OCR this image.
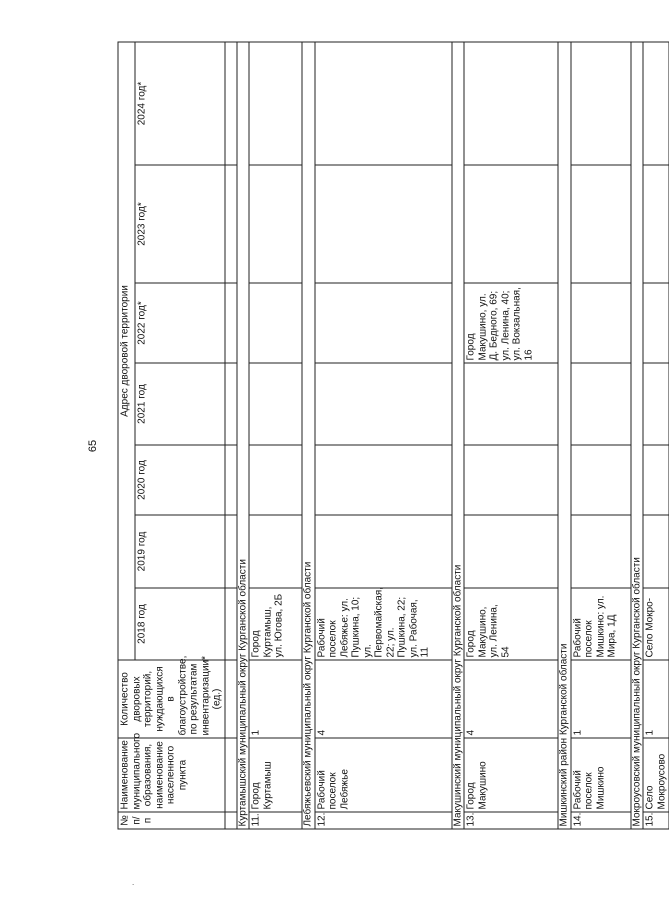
65
.
№ п/п	Наименование муниципального образования, наименование населенного пункта	Количество дворовых территорий, нуждающихся в благоустройстве, по результатам инвентаризации* (ед.)	Адрес дворовой территории						
			2018 год	2019 год	2020 год	2021 год	2022 год*	2023 год*	2024 год*

Куртамышский муниципальный округ Курганской области									
11.	Город Куртамыш	1	Город Куртамыш, ул. Югова, 2Б						
Лебяжьевский муниципальный округ Курганской области									
12.	Рабочий поселок Лебяжье	4	Рабочий поселок Лебяжье: ул. Пушкина, 10; ул. Первомайская, 22; ул. Пушкина, 22; ул. Рабочая, 11						
Макушинский муниципальный округ Курганской области									
13.	Город Макушино	4	Город Макушино, ул. Ленина, 54				Город Макушино, ул. Д. Бедного, 69; ул. Ленина, 40; ул. Вокзальная, 16		
Мишкинский район Курганской области									
14.	Рабочий поселок Мишкино	1	Рабочий поселок Мишкино: ул. Мира, 1Д						
Мокроусовский муниципальный округ Курганской области									
15.	Село Мокроусово	1	Село Мокро-						
